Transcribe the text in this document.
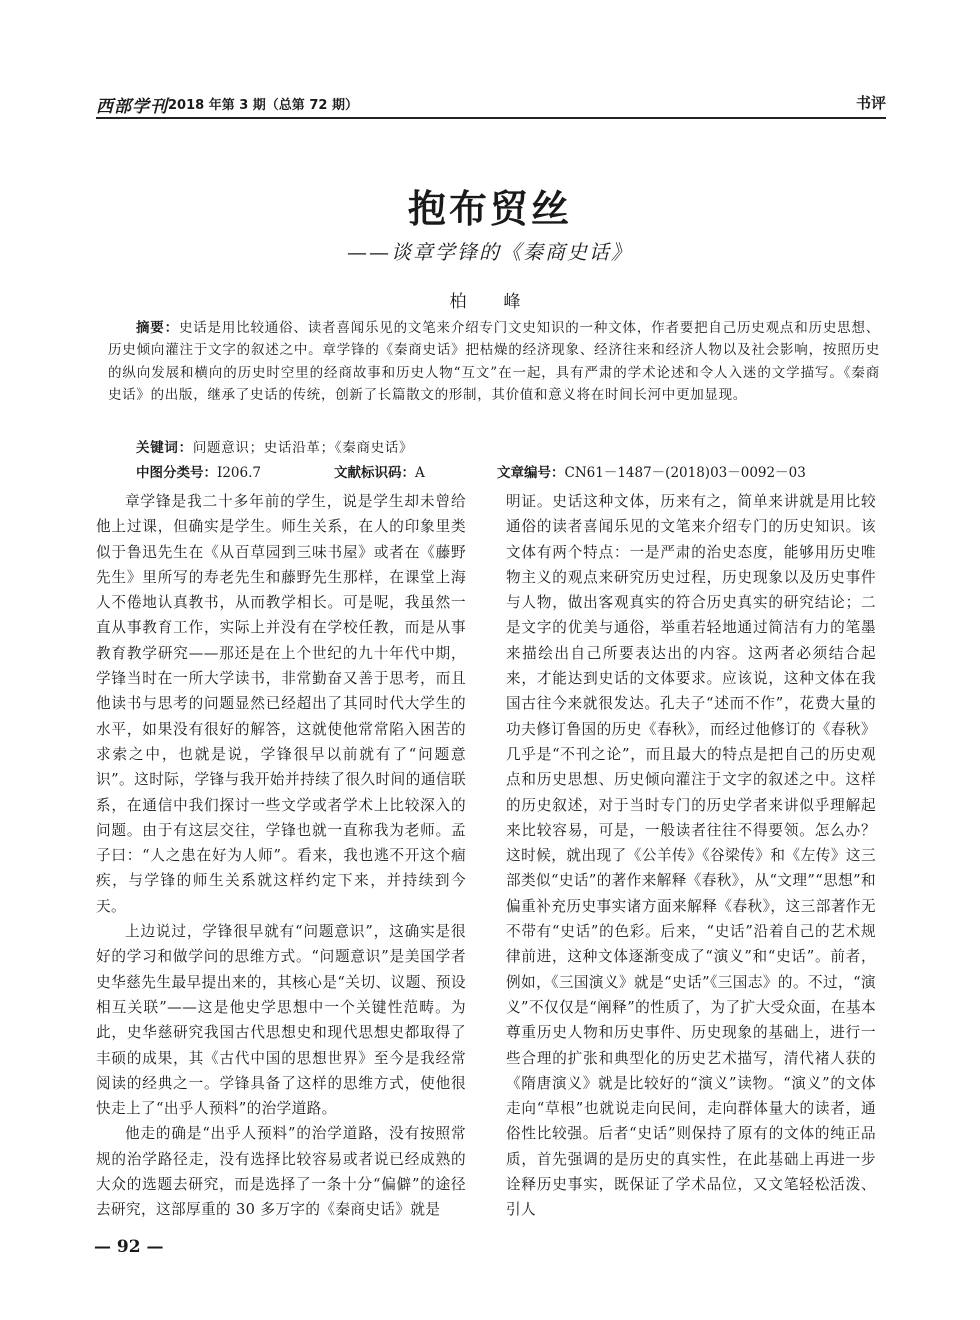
西部学刊 2018 年第 3 期（总第 72 期）	书评
抱布贸丝
——谈章学锋的《秦商史话》
柏　峰
摘要：史话是用比较通俗、读者喜闻乐见的文笔来介绍专门文史知识的一种文体，作者要把自己历史观点和历史思想、历史倾向灌注于文字的叙述之中。章学锋的《秦商史话》把枯燥的经济现象、经济往来和经济人物以及社会影响，按照历史的纵向发展和横向的历史时空里的经商故事和历史人物“互文”在一起，具有严肃的学术论述和令人入迷的文学描写。《秦商史话》的出版，继承了史话的传统，创新了长篇散文的形制，其价值和意义将在时间长河中更加显现。
关键词：问题意识；史话沿革；《秦商史话》
中图分类号：I206.7	文献标识码：A	文章编号：CN61－1487－(2018)03－0092－03

章学锋是我二十多年前的学生，说是学生却未曾给他上过课，但确实是学生。师生关系，在人的印象里类似于鲁迅先生在《从百草园到三味书屋》或者在《藤野先生》里所写的寿老先生和藤野先生那样，在课堂上海人不倦地认真教书，从而教学相长。可是呢，我虽然一直从事教育工作，实际上并没有在学校任教，而是从事教育教学研究——那还是在上个世纪的九十年代中期，学锋当时在一所大学读书，非常勤奋又善于思考，而且他读书与思考的问题显然已经超出了其同时代大学生的水平，如果没有很好的解答，这就使他常常陷入困苦的求索之中，也就是说，学锋很早以前就有了“问题意识”。这时际，学锋与我开始并持续了很久时间的通信联系，在通信中我们探讨一些文学或者学术上比较深入的问题。由于有这层交往，学锋也就一直称我为老师。孟子曰：“人之患在好为人师”。看来，我也逃不开这个痼疾，与学锋的师生关系就这样约定下来，并持续到今天。

上边说过，学锋很早就有“问题意识”，这确实是很好的学习和做学问的思维方式。“问题意识”是美国学者史华慈先生最早提出来的，其核心是“关切、议题、预设相互关联”——这是他史学思想中一个关键性范畴。为此，史华慈研究我国古代思想史和现代思想史都取得了丰硕的成果，其《古代中国的思想世界》至今是我经常阅读的经典之一。学锋具备了这样的思维方式，使他很快走上了“出乎人预料”的治学道路。

他走的确是“出乎人预料”的治学道路，没有按照常规的治学路径走，没有选择比较容易或者说已经成熟的大众的选题去研究，而是选择了一条十分“偏僻”的途径去研究，这部厚重的 30 多万字的《秦商史话》就是

明证。史话这种文体，历来有之，简单来讲就是用比较通俗的读者喜闻乐见的文笔来介绍专门的历史知识。该文体有两个特点：一是严肃的治史态度，能够用历史唯物主义的观点来研究历史过程，历史现象以及历史事件与人物，做出客观真实的符合历史真实的研究结论；二是文字的优美与通俗，举重若轻地通过简洁有力的笔墨来描绘出自己所要表达出的内容。这两者必须结合起来，才能达到史话的文体要求。应该说，这种文体在我国古往今来就很发达。孔夫子“述而不作”，花费大量的功夫修订鲁国的历史《春秋》，而经过他修订的《春秋》几乎是“不刊之论”，而且最大的特点是把自己的历史观点和历史思想、历史倾向灌注于文字的叙述之中。这样的历史叙述，对于当时专门的历史学者来讲似乎理解起来比较容易，可是，一般读者往往不得要领。怎么办？这时候，就出现了《公羊传》《谷梁传》和《左传》这三部类似“史话”的著作来解释《春秋》，从“文理”“思想”和偏重补充历史事实诸方面来解释《春秋》，这三部著作无不带有“史话”的色彩。后来，“史话”沿着自己的艺术规律前进，这种文体逐渐变成了“演义”和“史话”。前者，例如，《三国演义》就是“史话”《三国志》的。不过，“演义”不仅仅是“阐释”的性质了，为了扩大受众面，在基本尊重历史人物和历史事件、历史现象的基础上，进行一些合理的扩张和典型化的历史艺术描写，清代褚人获的《隋唐演义》就是比较好的“演义”读物。“演义”的文体走向“草根”也就说走向民间，走向群体量大的读者，通俗性比较强。后者“史话”则保持了原有的文体的纯正品质，首先强调的是历史的真实性，在此基础上再进一步诠释历史事实，既保证了学术品位，又文笔轻松活泼、引人

— 92 —
